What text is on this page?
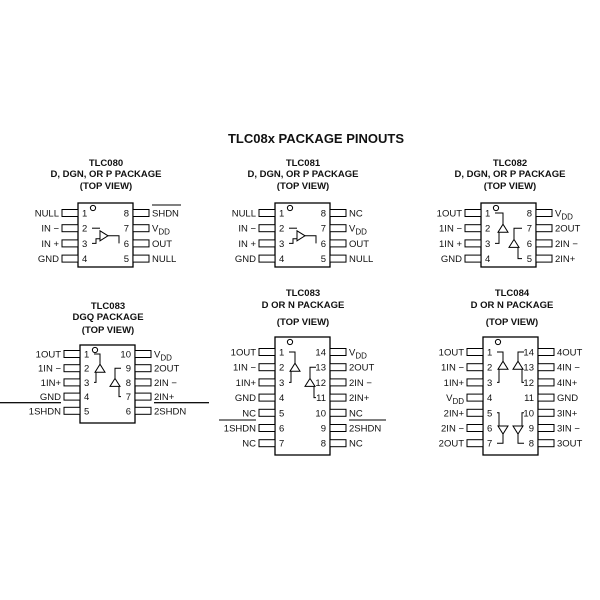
TLC08x PACKAGE PINOUTS
TLC080
D, DGN, OR P PACKAGE
(TOP VIEW)
1
NULL
2
IN −
3
IN +
4
GND
8 SHDN
7 $V_{DD}$
6 OUT
5 NULL
TLC081
D, DGN, OR P PACKAGE
(TOP VIEW)
1
NULL
2
IN −
3
IN +
4
GND
8 NC
7 $V_{DD}$
6 OUT
5 NULL
TLC082
D, DGN, OR P PACKAGE
(TOP VIEW)
1
1OUT
2
1IN −
3
1IN +
4
GND
8 $V_{DD}$
7 2OUT
6 2IN −
5 2IN+
TLC083
DGQ PACKAGE
(TOP VIEW)
1
1OUT
2
1IN −
3
1IN+
4
GND
5
1SHDN
10 $V_{DD}$
9 2OUT
8 2IN −
7 2IN+
6 2SHDN
TLC083
D OR N PACKAGE
(TOP VIEW)
1
1OUT
2
1IN −
3
1IN+
4
GND
5
NC
6
1SHDN
7
NC
14 $V_{DD}$
13 2OUT
12 2IN −
11 2IN+
10 NC
9 2SHDN
8 NC
TLC084
D OR N PACKAGE
(TOP VIEW)
1
1OUT
2
1IN −
3
1IN+
4
$V_{DD}$
5
2IN+
6
2IN −
7
2OUT
14 4OUT
13 4IN −
12 4IN+
11 GND
10 3IN+
9 3IN −
8 3OUT
